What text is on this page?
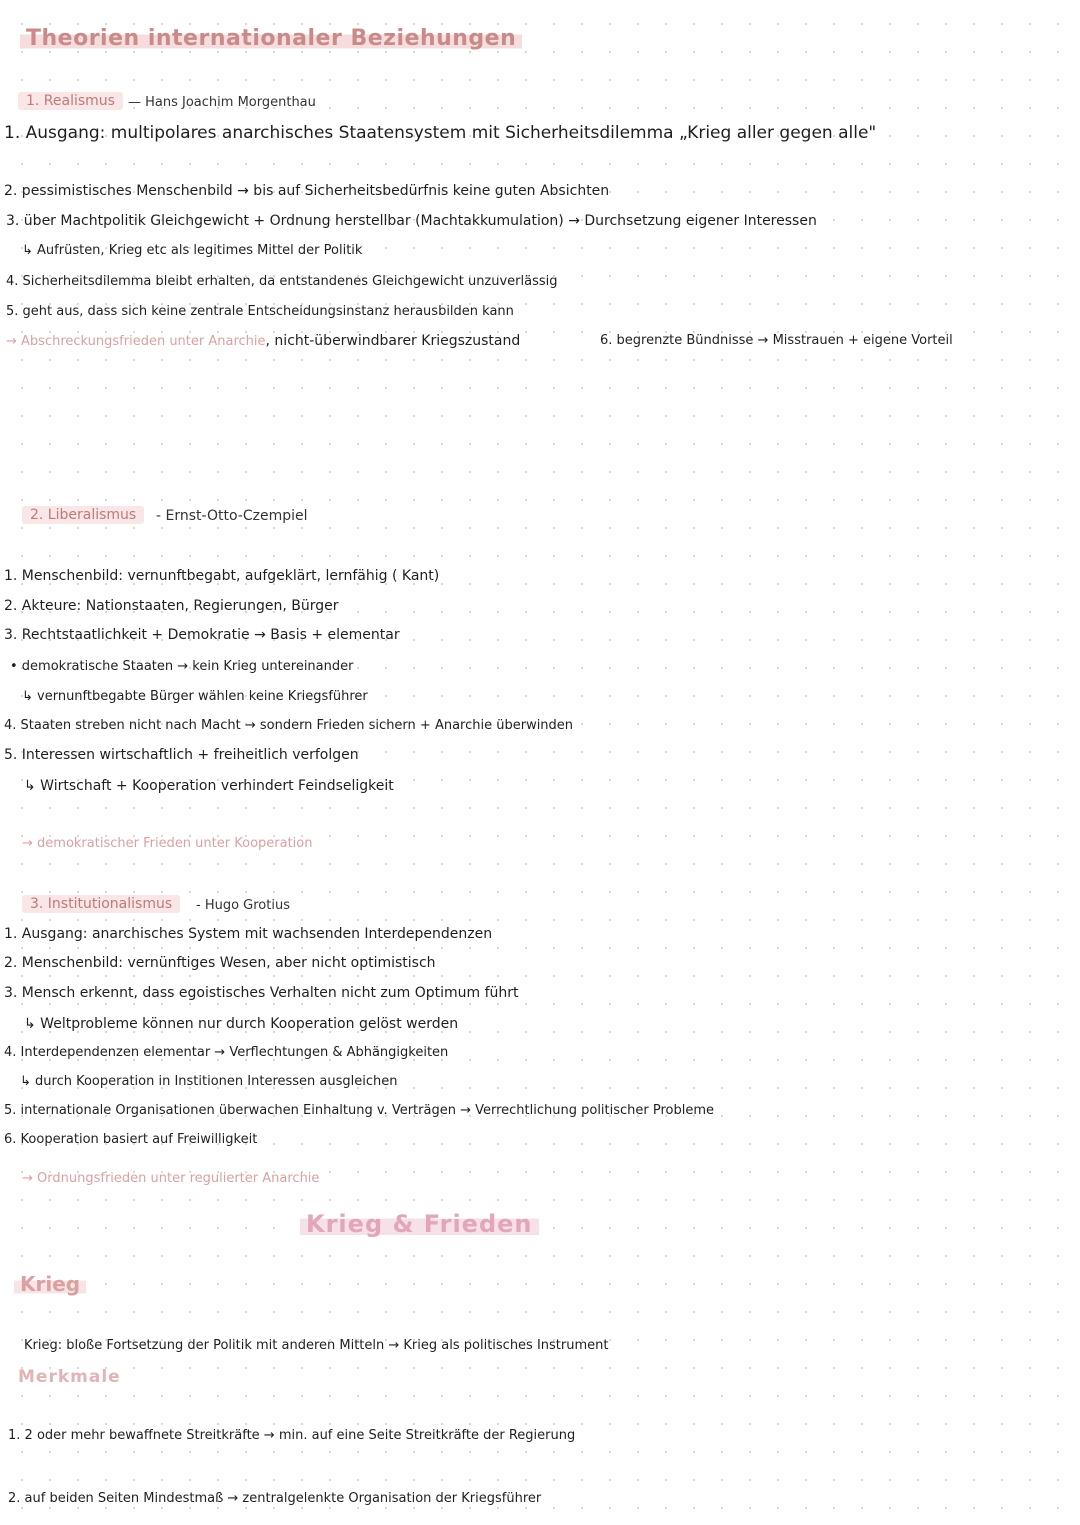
Theorien internationaler Beziehungen
1. Realismus	— Hans Joachim Morgenthau
1. Ausgang: multipolares anarchisches Staatensystem mit Sicherheitsdilemma „Krieg aller gegen alle"
2. pessimistisches Menschenbild → bis auf Sicherheitsbedürfnis keine guten Absichten
3. über Machtpolitik Gleichgewicht + Ordnung herstellbar (Machtakkumulation) → Durchsetzung eigener Interessen
↳ Aufrüsten, Krieg etc als legitimes Mittel der Politik
4. Sicherheitsdilemma bleibt erhalten, da entstandenes Gleichgewicht unzuverlässig
5. geht aus, dass sich keine zentrale Entscheidungsinstanz herausbilden kann
→ Abschreckungsfrieden unter Anarchie, nicht-überwindbarer Kriegszustand	6. begrenzte Bündnisse → Misstrauen + eigene Vorteil
2. Liberalismus	- Ernst-Otto-Czempiel
1. Menschenbild: vernunftbegabt, aufgeklärt, lernfähig ( Kant)
2. Akteure: Nationstaaten, Regierungen, Bürger
3. Rechtstaatlichkeit + Demokratie → Basis + elementar
• demokratische Staaten → kein Krieg untereinander
↳ vernunftbegabte Bürger wählen keine Kriegsführer
4. Staaten streben nicht nach Macht → sondern Frieden sichern + Anarchie überwinden
5. Interessen wirtschaftlich + freiheitlich verfolgen
↳ Wirtschaft + Kooperation verhindert Feindseligkeit
→ demokratischer Frieden unter Kooperation
3. Institutionalismus	- Hugo Grotius
1. Ausgang: anarchisches System mit wachsenden Interdependenzen
2. Menschenbild: vernünftiges Wesen, aber nicht optimistisch
3. Mensch erkennt, dass egoistisches Verhalten nicht zum Optimum führt
↳ Weltprobleme können nur durch Kooperation gelöst werden
4. Interdependenzen elementar → Verflechtungen & Abhängigkeiten
↳ durch Kooperation in Institionen Interessen ausgleichen
5. internationale Organisationen überwachen Einhaltung v. Verträgen → Verrechtlichung politischer Probleme
6. Kooperation basiert auf Freiwilligkeit
→ Ordnungsfrieden unter regulierter Anarchie
Krieg & Frieden
Krieg
Krieg: bloße Fortsetzung der Politik mit anderen Mitteln → Krieg als politisches Instrument
Merkmale
1. 2 oder mehr bewaffnete Streitkräfte → min. auf eine Seite Streitkräfte der Regierung
2. auf beiden Seiten Mindestmaß → zentralgelenkte Organisation der Kriegsführer
